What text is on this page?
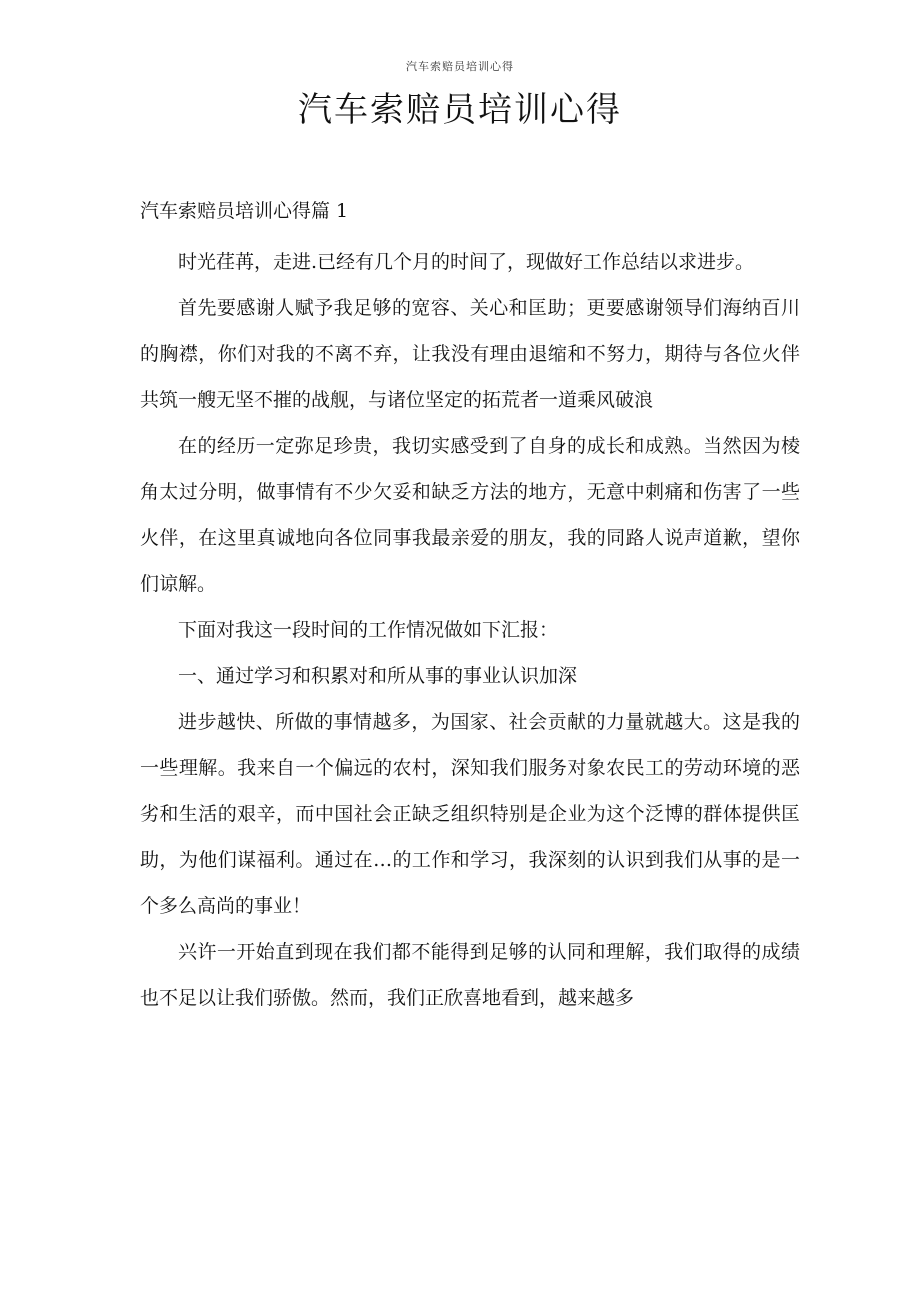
汽车索赔员培训心得
汽车索赔员培训心得
汽车索赔员培训心得篇 1

时光荏苒，走进.已经有几个月的时间了，现做好工作总结以求进步。

首先要感谢人赋予我足够的宽容、关心和匡助；更要感谢领导们海纳百川的胸襟，你们对我的不离不弃，让我没有理由退缩和不努力，期待与各位火伴共筑一艘无坚不摧的战舰，与诸位坚定的拓荒者一道乘风破浪

在的经历一定弥足珍贵，我切实感受到了自身的成长和成熟。当然因为棱角太过分明，做事情有不少欠妥和缺乏方法的地方，无意中刺痛和伤害了一些火伴，在这里真诚地向各位同事我最亲爱的朋友，我的同路人说声道歉，望你们谅解。

下面对我这一段时间的工作情况做如下汇报：

一、通过学习和积累对和所从事的事业认识加深

进步越快、所做的事情越多，为国家、社会贡献的力量就越大。这是我的一些理解。我来自一个偏远的农村，深知我们服务对象农民工的劳动环境的恶劣和生活的艰辛，而中国社会正缺乏组织特别是企业为这个泛博的群体提供匡助，为他们谋福利。通过在…的工作和学习，我深刻的认识到我们从事的是一个多么高尚的事业！

兴许一开始直到现在我们都不能得到足够的认同和理解，我们取得的成绩也不足以让我们骄傲。然而，我们正欣喜地看到，越来越多
